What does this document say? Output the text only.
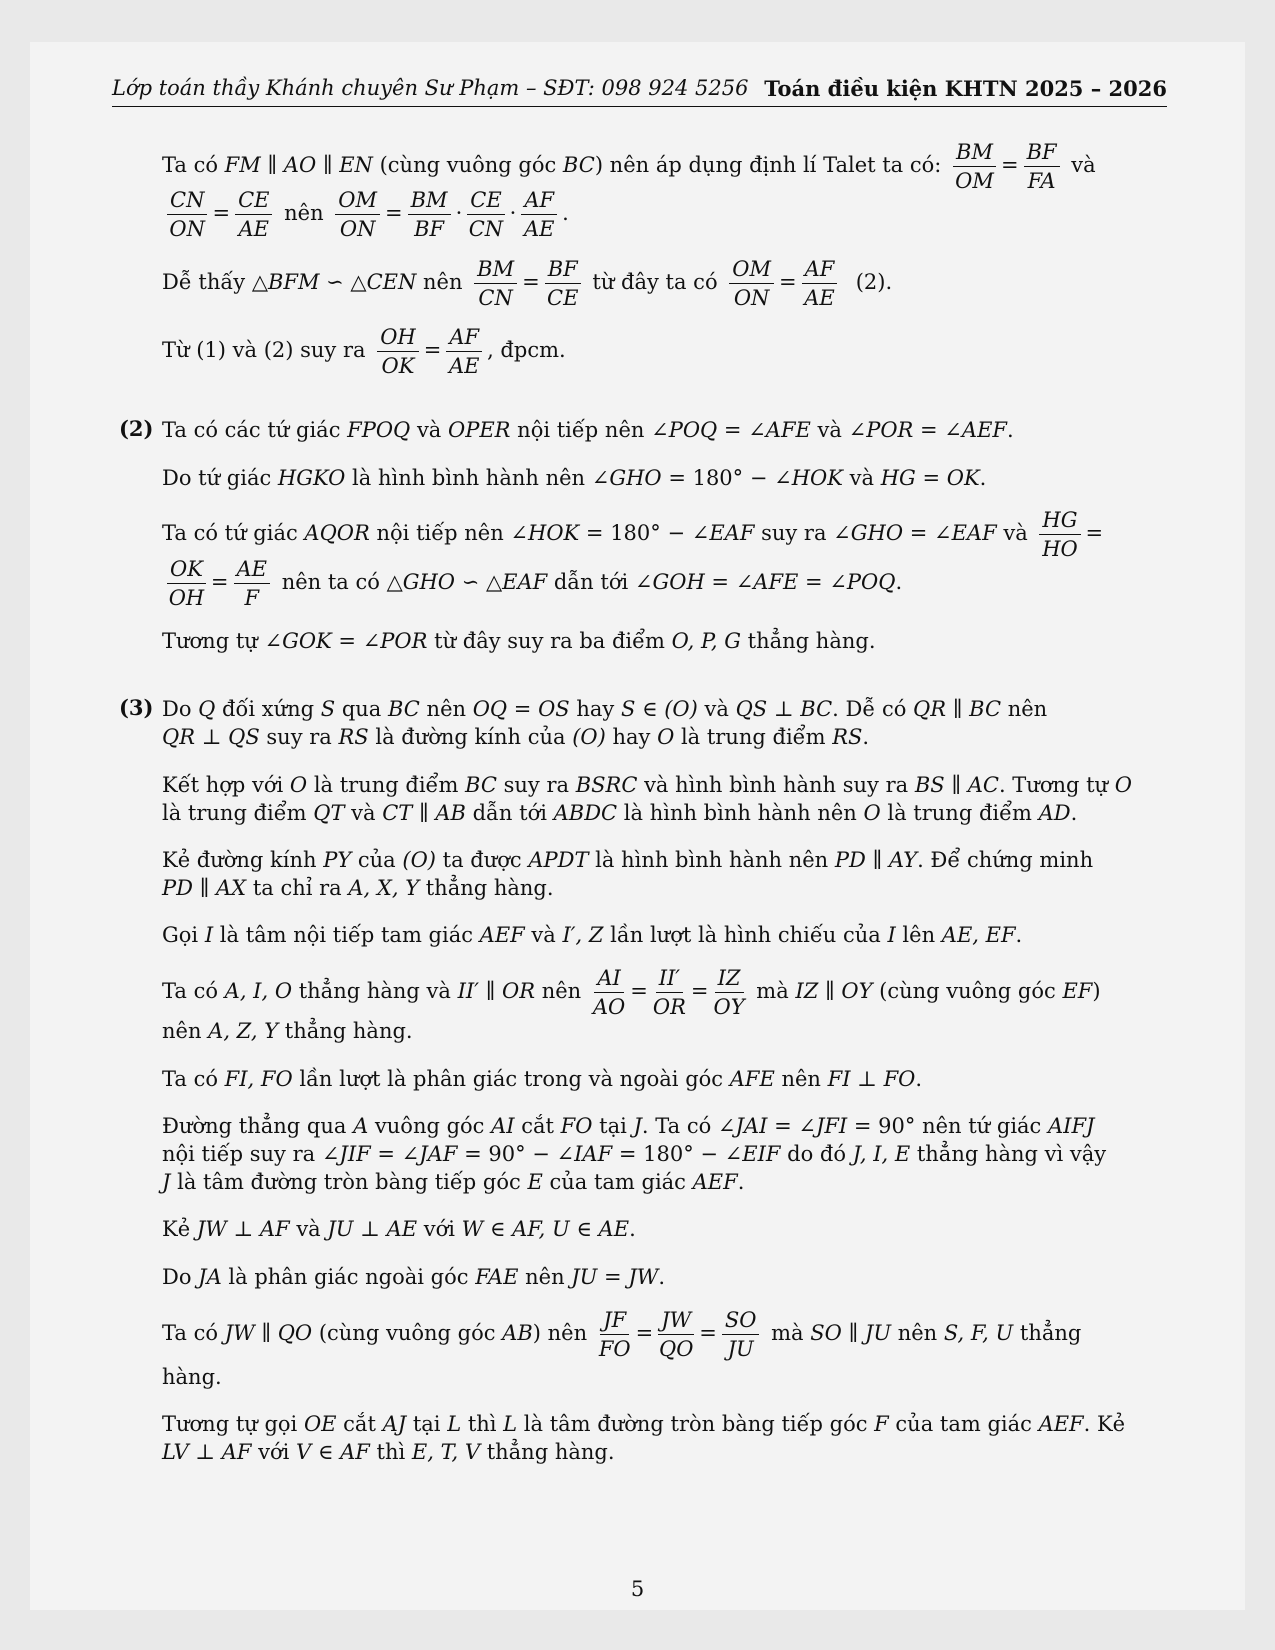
Lớp toán thầy Khánh chuyên Sư Phạm – SĐT: 098 924 5256 Toán điều kiện KHTN 2025 – 2026
Ta có FM ∥ AO ∥ EN (cùng vuông góc BC) nên áp dụng định lí Talet ta có: $\frac{BM}{OM} = \frac{BF}{FA}$ và
$\frac{CN}{ON} = \frac{CE}{AE}$ nên $\frac{OM}{ON} = \frac{BM}{BF} \cdot \frac{CE}{CN} \cdot \frac{AF}{AE}$ .
Dễ thấy △BFM ∽ △CEN nên $\frac{BM}{CN} = \frac{BF}{CE}$ từ đây ta có $\frac{OM}{ON} = \frac{AF}{AE} (2)$.
Từ (1) và (2) suy ra $\frac{OH}{OK} = \frac{AF}{AE}$ , đpcm.
(2) Ta có các tứ giác FPOQ và OPER nội tiếp nên ∠POQ = ∠AFE và ∠POR = ∠AEF.
Do tứ giác HGKO là hình bình hành nên ∠GHO = 180° − ∠HOK và HG = OK.
Ta có tứ giác AQOR nội tiếp nên ∠HOK = 180° − ∠EAF suy ra ∠GHO = ∠EAF và $\frac{HG}{HO}$ =
$\frac{OK}{OH} = \frac{AE}{F}$ nên ta có △GHO ∽ △EAF dẫn tới ∠GOH = ∠AFE = ∠POQ.
Tương tự ∠GOK = ∠POR từ đây suy ra ba điểm O, P, G thẳng hàng.
(3) Do Q đối xứng S qua BC nên OQ = OS hay S ∈ (O) và QS ⊥ BC. Dễ có QR ∥ BC nên
QR ⊥ QS suy ra RS là đường kính của (O) hay O là trung điểm RS.
Kết hợp với O là trung điểm BC suy ra BSRC và hình bình hành suy ra BS ∥ AC. Tương tự O
là trung điểm QT và CT ∥ AB dẫn tới ABDC là hình bình hành nên O là trung điểm AD.
Kẻ đường kính PY của (O) ta được APDT là hình bình hành nên PD ∥ AY. Để chứng minh
PD ∥ AX ta chỉ ra A, X, Y thẳng hàng.
Gọi I là tâm nội tiếp tam giác AEF và I′, Z lần lượt là hình chiếu của I lên AE, EF.
Ta có A, I, O thẳng hàng và II′ ∥ OR nên $\frac{AI}{AO} = \frac{II'}{OR} = \frac{IZ}{OY}$ mà IZ ∥ OY (cùng vuông góc EF)
nên A, Z, Y thẳng hàng.
Ta có FI, FO lần lượt là phân giác trong và ngoài góc AFE nên FI ⊥ FO.
Đường thẳng qua A vuông góc AI cắt FO tại J. Ta có ∠JAI = ∠JFI = 90° nên tứ giác AIFJ
nội tiếp suy ra ∠JIF = ∠JAF = 90° − ∠IAF = 180° − ∠EIF do đó J, I, E thẳng hàng vì vậy
J là tâm đường tròn bàng tiếp góc E của tam giác AEF.
Kẻ JW ⊥ AF và JU ⊥ AE với W ∈ AF, U ∈ AE.
Do JA là phân giác ngoài góc FAE nên JU = JW.
Ta có JW ∥ QO (cùng vuông góc AB) nên $\frac{JF}{FO} = \frac{JW}{QO} = \frac{SO}{JU}$ mà SO ∥ JU nên S, F, U thẳng
hàng.
Tương tự gọi OE cắt AJ tại L thì L là tâm đường tròn bàng tiếp góc F của tam giác AEF. Kẻ
LV ⊥ AF với V ∈ AF thì E, T, V thẳng hàng.
5
